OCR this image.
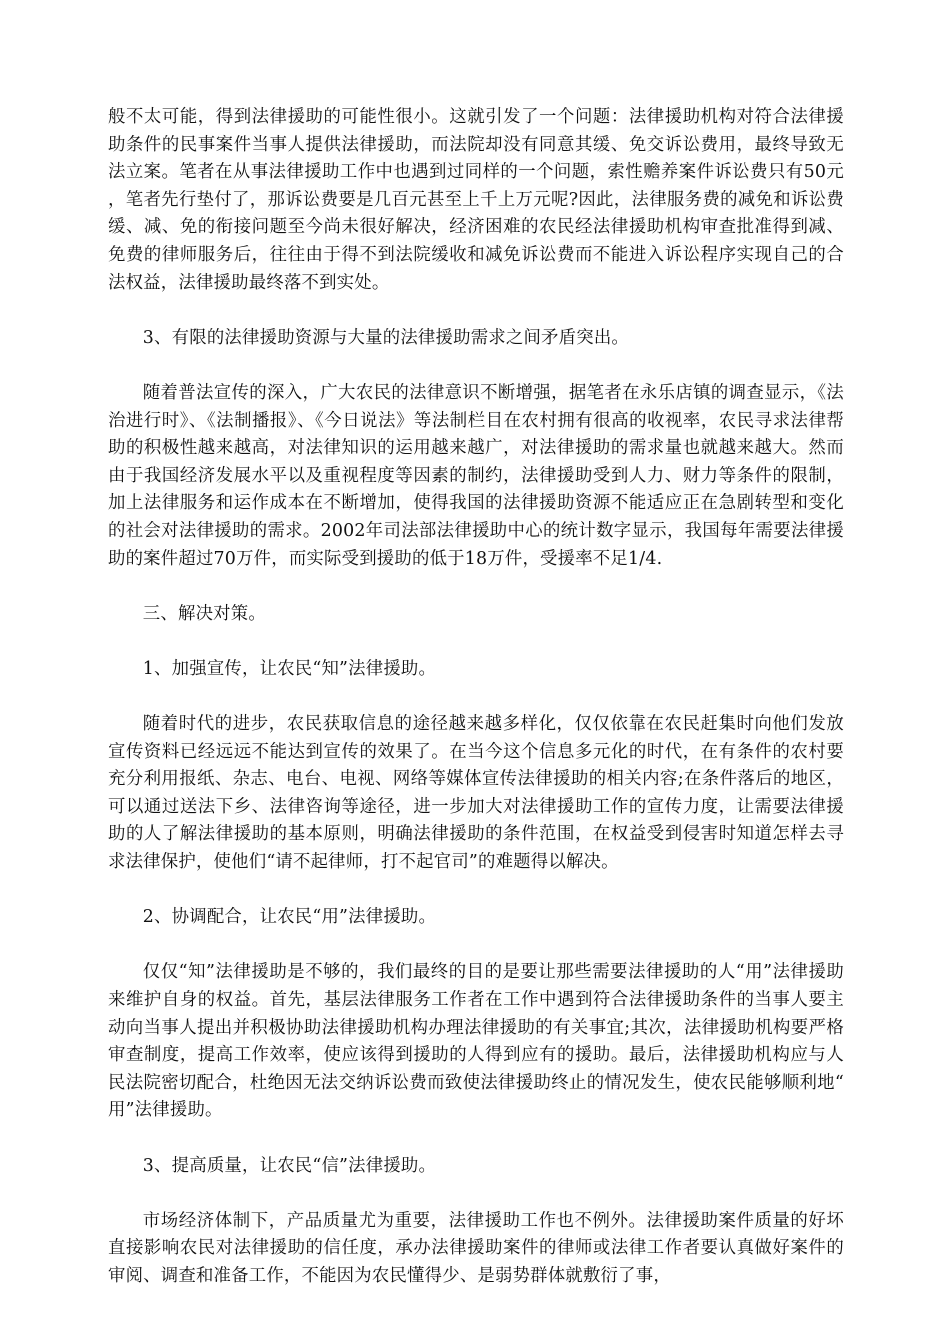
般不太可能，得到法律援助的可能性很小。这就引发了一个问题：法律援助机构对符合法律援助条件的民事案件当事人提供法律援助，而法院却没有同意其缓、免交诉讼费用，最终导致无法立案。笔者在从事法律援助工作中也遇到过同样的一个问题，索性赡养案件诉讼费只有50元，笔者先行垫付了，那诉讼费要是几百元甚至上千上万元呢?因此，法律服务费的减免和诉讼费缓、减、免的衔接问题至今尚未很好解决，经济困难的农民经法律援助机构审查批准得到减、免费的律师服务后，往往由于得不到法院缓收和减免诉讼费而不能进入诉讼程序实现自己的合法权益，法律援助最终落不到实处。

3、有限的法律援助资源与大量的法律援助需求之间矛盾突出。

随着普法宣传的深入，广大农民的法律意识不断增强，据笔者在永乐店镇的调查显示，《法治进行时》、《法制播报》、《今日说法》等法制栏目在农村拥有很高的收视率，农民寻求法律帮助的积极性越来越高，对法律知识的运用越来越广，对法律援助的需求量也就越来越大。然而由于我国经济发展水平以及重视程度等因素的制约，法律援助受到人力、财力等条件的限制，加上法律服务和运作成本在不断增加，使得我国的法律援助资源不能适应正在急剧转型和变化的社会对法律援助的需求。2002年司法部法律援助中心的统计数字显示，我国每年需要法律援助的案件超过70万件，而实际受到援助的低于18万件，受援率不足1/4.

三、解决对策。

1、加强宣传，让农民“知”法律援助。

随着时代的进步，农民获取信息的途径越来越多样化，仅仅依靠在农民赶集时向他们发放宣传资料已经远远不能达到宣传的效果了。在当今这个信息多元化的时代，在有条件的农村要充分利用报纸、杂志、电台、电视、网络等媒体宣传法律援助的相关内容;在条件落后的地区，可以通过送法下乡、法律咨询等途径，进一步加大对法律援助工作的宣传力度，让需要法律援助的人了解法律援助的基本原则，明确法律援助的条件范围，在权益受到侵害时知道怎样去寻求法律保护，使他们“请不起律师，打不起官司”的难题得以解决。

2、协调配合，让农民“用”法律援助。

仅仅“知”法律援助是不够的，我们最终的目的是要让那些需要法律援助的人“用”法律援助来维护自身的权益。首先，基层法律服务工作者在工作中遇到符合法律援助条件的当事人要主动向当事人提出并积极协助法律援助机构办理法律援助的有关事宜;其次，法律援助机构要严格审查制度，提高工作效率，使应该得到援助的人得到应有的援助。最后，法律援助机构应与人民法院密切配合，杜绝因无法交纳诉讼费而致使法律援助终止的情况发生，使农民能够顺利地“用”法律援助。

3、提高质量，让农民“信”法律援助。

市场经济体制下，产品质量尤为重要，法律援助工作也不例外。法律援助案件质量的好坏直接影响农民对法律援助的信任度，承办法律援助案件的律师或法律工作者要认真做好案件的审阅、调查和准备工作，不能因为农民懂得少、是弱势群体就敷衍了事，
